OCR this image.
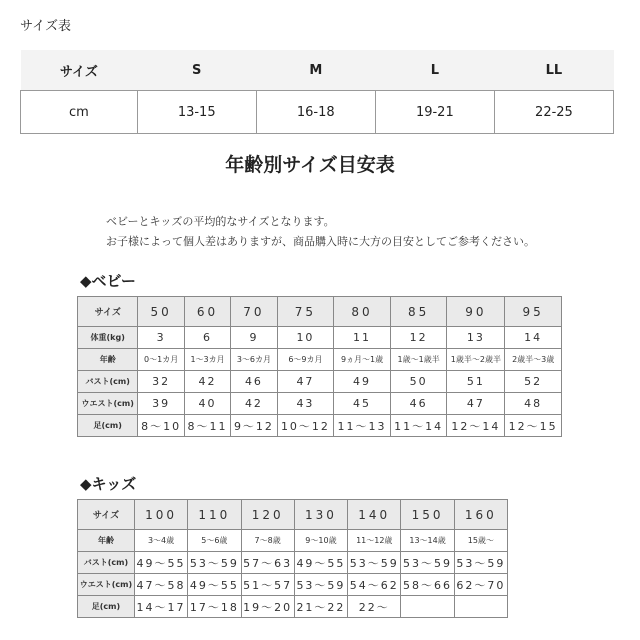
サイズ表
サイズ	S	M	L	LL
cm	13-15	16-18	19-21	22-25
年齢別サイズ目安表
ベビーとキッズの平均的なサイズとなります。
お子様によって個人差はありますが、商品購入時に大方の目安としてご参考ください。
◆ベビー
サイズ	50	60	70	75	80	85	90	95
体重(kg)	3	6	9	10	11	12	13	14
年齢	0〜1カ月	1〜3カ月	3〜6カ月	6〜9カ月	9ヵ月〜1歳	1歳〜1歳半	1歳半〜2歳半	2歳半〜3歳
バスト(cm)	32	42	46	47	49	50	51	52
ウエスト(cm)	39	40	42	43	45	46	47	48
足(cm)	8〜10	8〜11	9〜12	10〜12	11〜13	11〜14	12〜14	12〜15
◆キッズ
サイズ	100	110	120	130	140	150	160
年齢	3〜4歳	5〜6歳	7〜8歳	9〜10歳	11〜12歳	13〜14歳	15歳〜
バスト(cm)	49〜55	53〜59	57〜63	49〜55	53〜59	53〜59	53〜59
ウエスト(cm)	47〜58	49〜55	51〜57	53〜59	54〜62	58〜66	62〜70
足(cm)	14〜17	17〜18	19〜20	21〜22	22〜		
